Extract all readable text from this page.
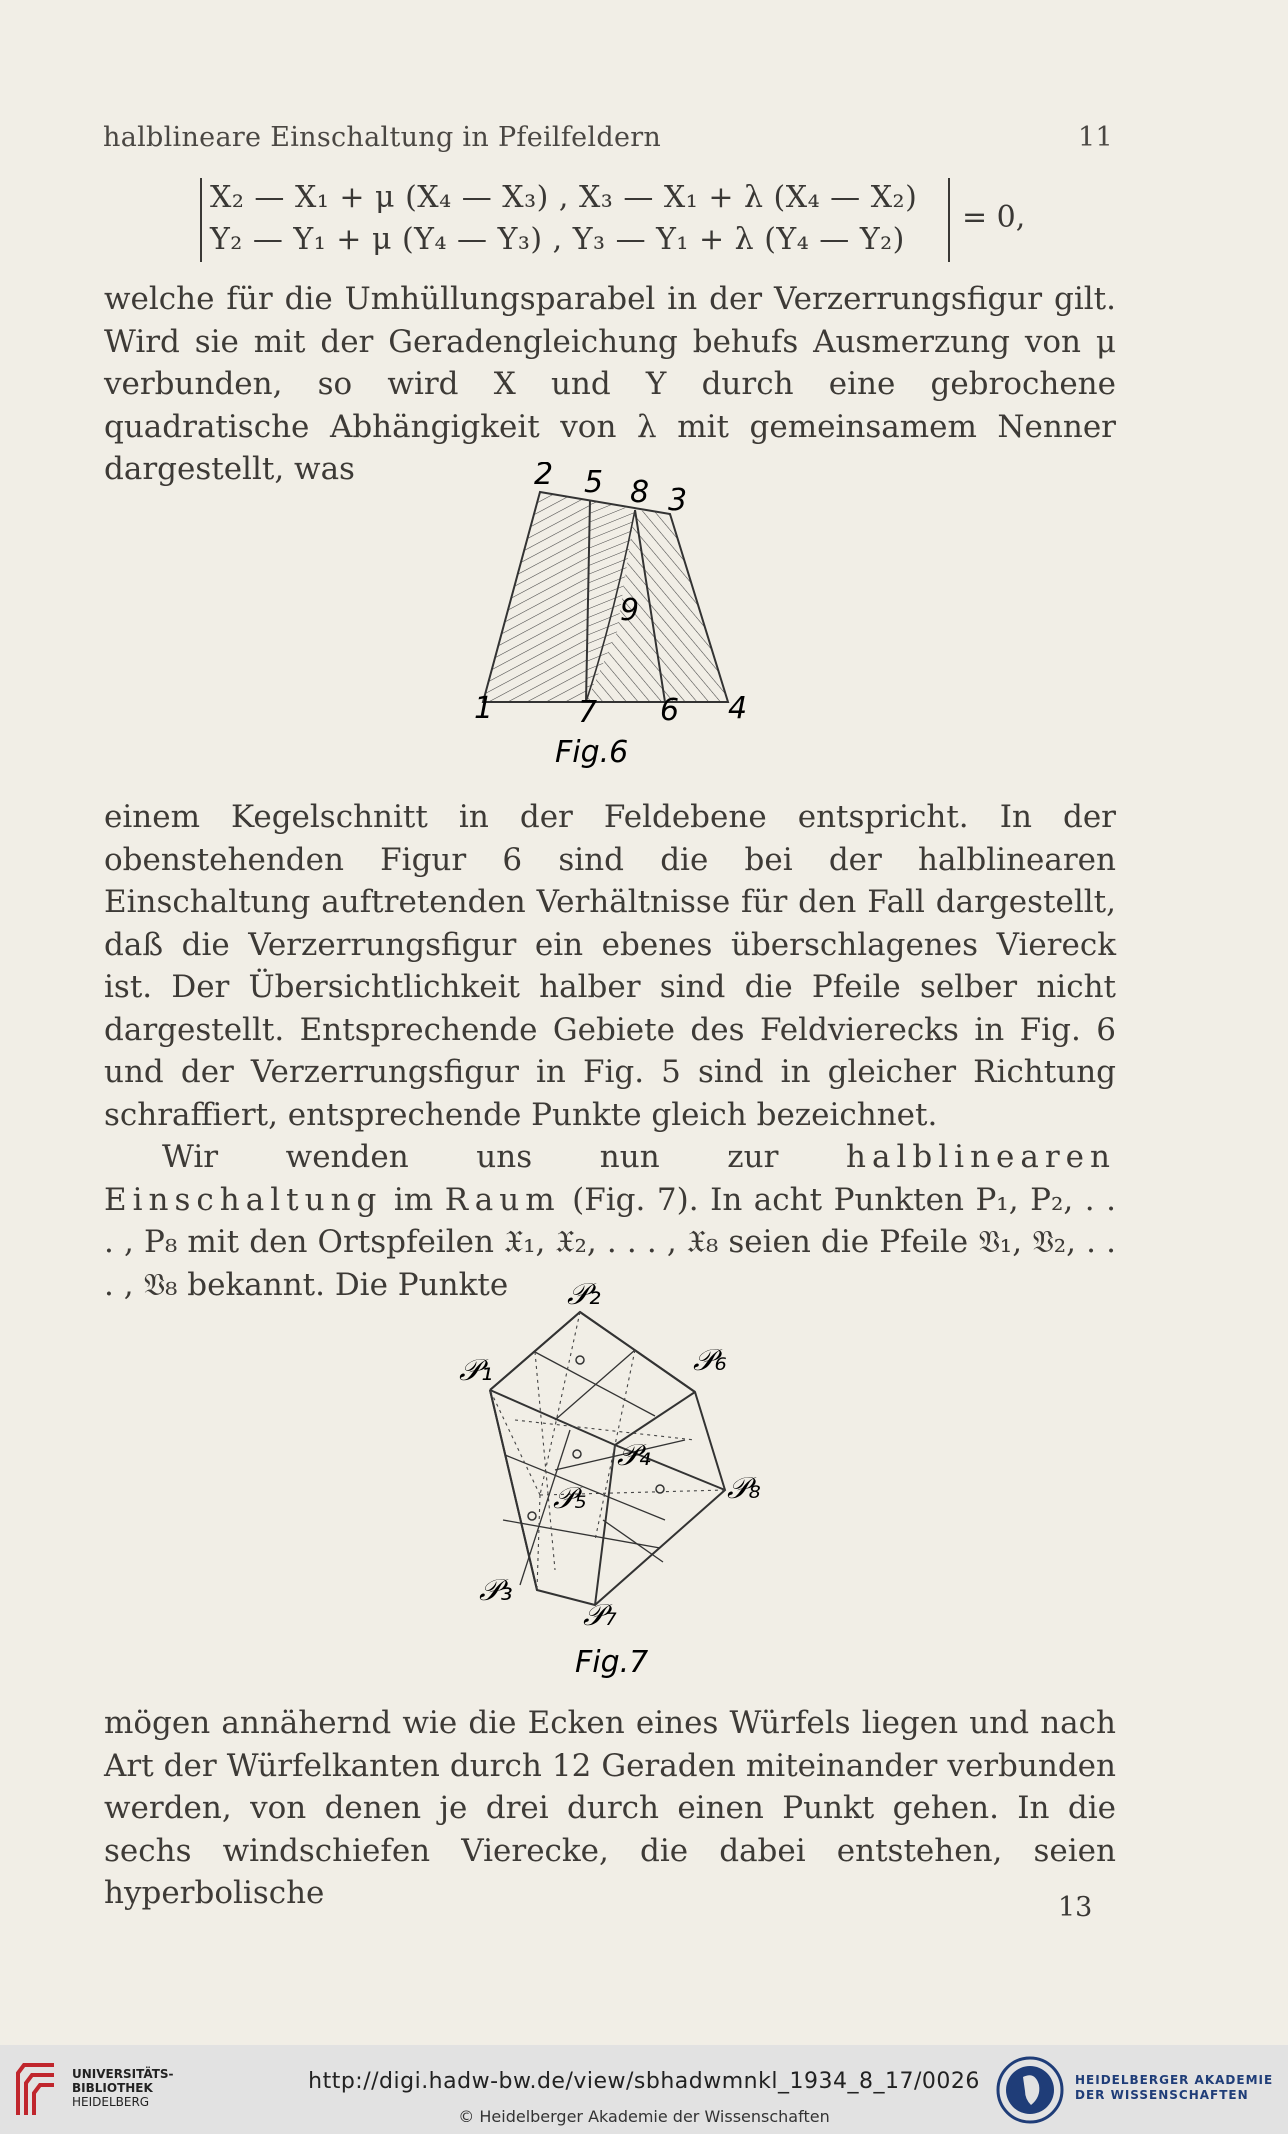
halblineare Einschaltung in Pfeilfeldern	11
X₂ — X₁ + μ (X₄ — X₃) , X₃ — X₁ + λ (X₄ — X₂)
Y₂ — Y₁ + μ (Y₄ — Y₃) , Y₃ — Y₁ + λ (Y₄ — Y₂)
= 0,
welche für die Umhüllungsparabel in der Verzerrungsfigur gilt. Wird sie mit der Geradengleichung behufs Ausmerzung von μ verbunden, so wird X und Y durch eine gebrochene quadratische Abhängigkeit von λ mit gemeinsamem Nenner dargestellt, was	2 5 8 3
9
1	7 6 4
Fig.6
einem Kegelschnitt in der Feldebene entspricht. In der obenstehenden Figur 6 sind die bei der halblinearen Einschaltung auftretenden Verhältnisse für den Fall dargestellt, daß die Verzerrungsfigur ein ebenes überschlagenes Viereck ist. Der Übersichtlichkeit halber sind die Pfeile selber nicht dargestellt. Entsprechende Gebiete des Feldvierecks in Fig. 6 und der Verzerrungsfigur in Fig. 5 sind in gleicher Richtung schraffiert, entsprechende Punkte gleich bezeichnet.
Wir wenden uns nun zur halblinearen Einschaltung im Raum (Fig. 7). In acht Punkten P₁, P₂, . . . , P₈ mit den Ortspfeilen 𝔛₁, 𝔛₂, . . . , 𝔛₈ seien die Pfeile 𝔙₁, 𝔙₂, . . . , 𝔙₈ bekannt. Die Punkte	𝒫₂
𝒫₁	𝒫₆
𝒫₄
𝒫₈
𝒫₅
𝒫₃
𝒫₇
Fig.7
mögen annähernd wie die Ecken eines Würfels liegen und nach Art der Würfelkanten durch 12 Geraden miteinander verbunden werden, von denen je drei durch einen Punkt gehen. In die sechs windschiefen Vierecke, die dabei entstehen, seien hyperbolische	13
UNIVERSITÄTS-
BIBLIOTHEK
HEIDELBERG
http://digi.hadw-bw.de/view/sbhadwmnkl_1934_8_17/0026
© Heidelberger Akademie der Wissenschaften
HEIDELBERGER AKADEMIE
DER WISSENSCHAFTEN
